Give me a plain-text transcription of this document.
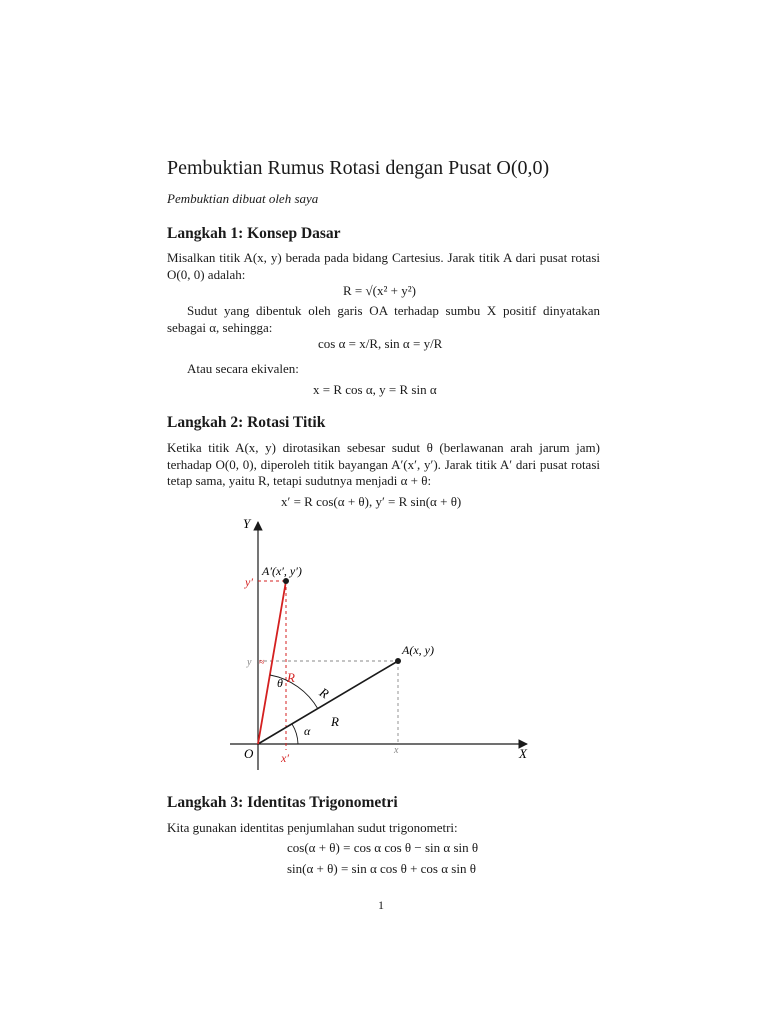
Pembuktian Rumus Rotasi dengan Pusat O(0,0)
Pembuktian dibuat oleh saya
Langkah 1: Konsep Dasar
Misalkan titik A(x, y) berada pada bidang Cartesius. Jarak titik A dari pusat rotasi O(0, 0) adalah:
R = √(x² + y²)
Sudut yang dibentuk oleh garis OA terhadap sumbu X positif dinyatakan sebagai α, sehingga:
cos α = x/R, sin α = y/R
Atau secara ekivalen:
x = R cos α, y = R sin α
Langkah 2: Rotasi Titik
Ketika titik A(x, y) dirotasikan sebesar sudut θ (berlawanan arah jarum jam) terhadap O(0, 0), diperoleh titik bayangan A′(x′, y′). Jarak titik A′ dari pusat rotasi tetap sama, yaitu R, tetapi sudutnya menjadi α + θ:
x′ = R cos(α + θ), y′ = R sin(α + θ)
Y
X
O
A(x, y)
A′(x′, y′)
y′
x′
x
y ≈
θ R
R
R
α
Langkah 3: Identitas Trigonometri
Kita gunakan identitas penjumlahan sudut trigonometri:
cos(α + θ) = cos α cos θ − sin α sin θ
sin(α + θ) = sin α cos θ + cos α sin θ
1
